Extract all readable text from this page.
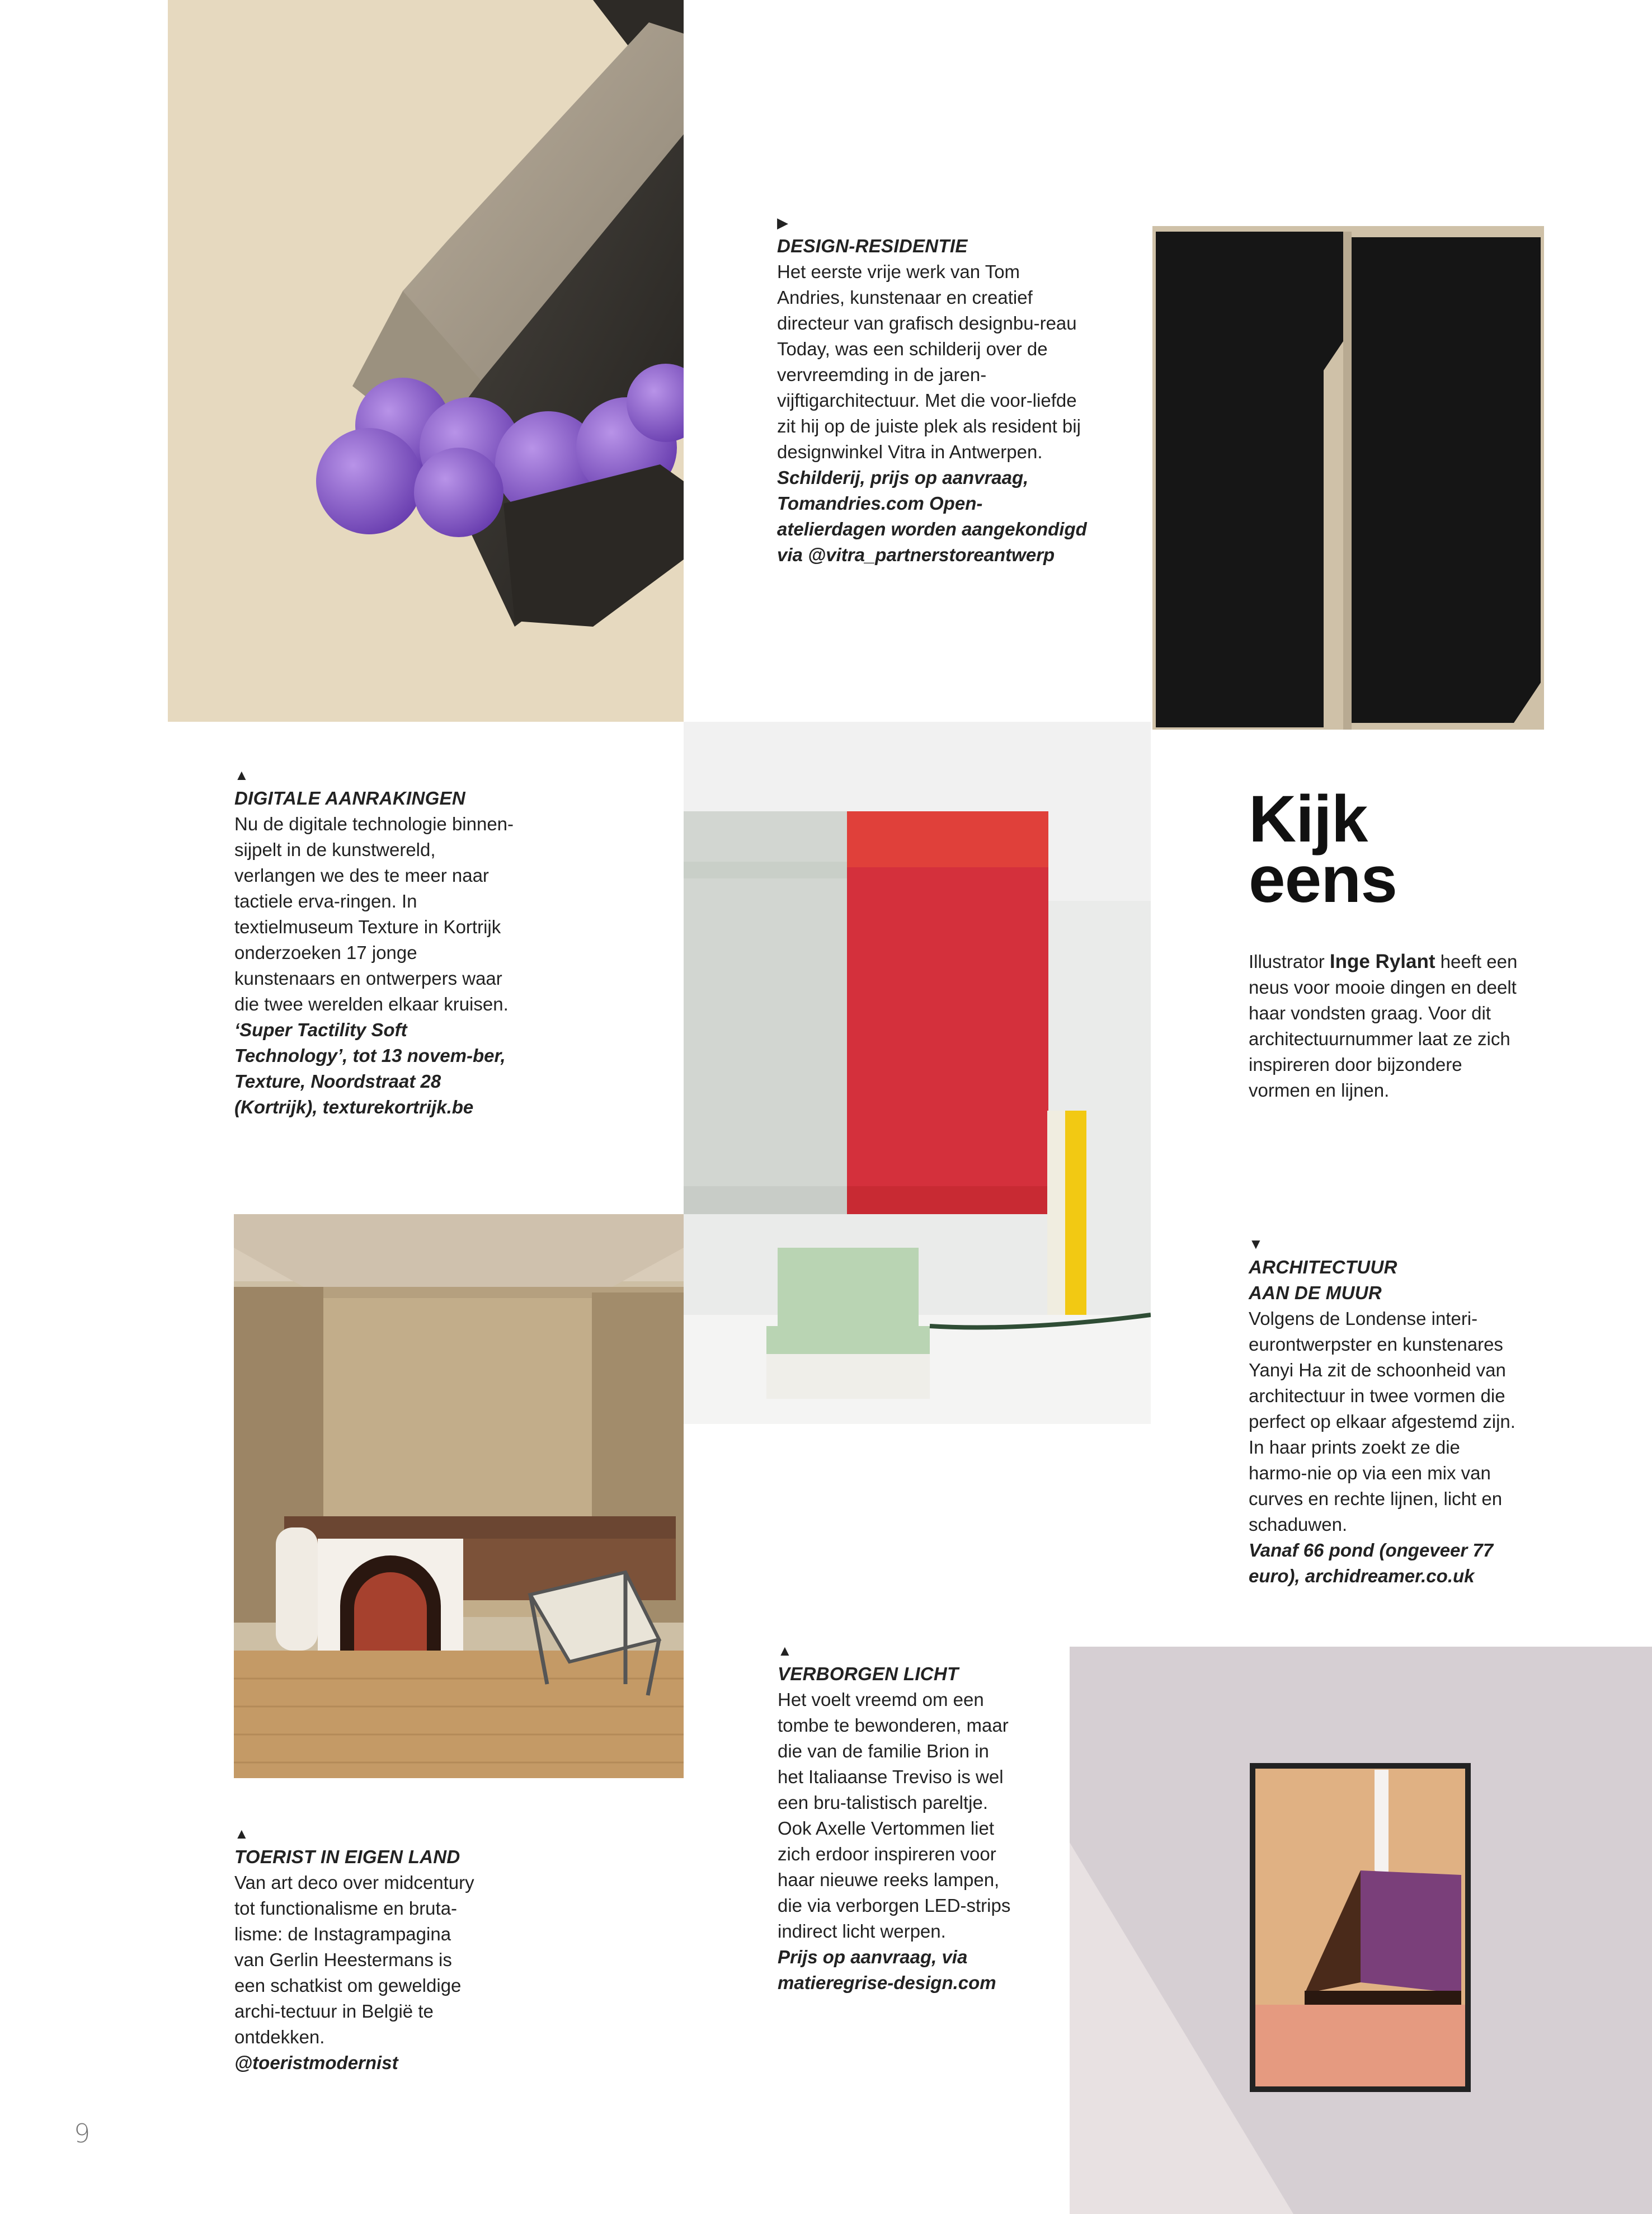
▶
DESIGN-RESIDENTIE
Het eerste vrije werk van Tom Andries, kunstenaar en creatief directeur van grafisch designbu-reau Today, was een schilderij over de vervreemding in de jaren-vijftigarchitectuur. Met die voor-liefde zit hij op de juiste plek als resident bij designwinkel Vitra in Antwerpen.
Schilderij, prijs op aanvraag, Tomandries.com Open-atelierdagen worden aangekondigd via @vitra_partnerstoreantwerp
▲
DIGITALE AANRAKINGEN
Nu de digitale technologie binnen-sijpelt in de kunstwereld, verlangen we des te meer naar tactiele erva-ringen. In textielmuseum Texture in Kortrijk onderzoeken 17 jonge kunstenaars en ontwerpers waar die twee werelden elkaar kruisen.
‘Super Tactility Soft Technology’, tot 13 novem-ber, Texture, Noordstraat 28 (Kortrijk), texturekortrijk.be
Kijk
eens
Illustrator Inge Rylant heeft een neus voor mooie dingen en deelt haar vondsten graag. Voor dit architectuurnummer laat ze zich inspireren door bijzondere vormen en lijnen.
▼
ARCHITECTUUR AAN DE MUUR
Volgens de Londense interi-eurontwerpster en kunstenares Yanyi Ha zit de schoonheid van architectuur in twee vormen die perfect op elkaar afgestemd zijn. In haar prints zoekt ze die harmo-nie op via een mix van curves en rechte lijnen, licht en schaduwen.
Vanaf 66 pond (ongeveer 77 euro), archidreamer.co.uk
▲
VERBORGEN LICHT
Het voelt vreemd om een tombe te bewonderen, maar die van de familie Brion in het Italiaanse Treviso is wel een bru-talistisch pareltje. Ook Axelle Vertommen liet zich erdoor inspireren voor haar nieuwe reeks lampen, die via verborgen LED-strips indirect licht werpen.
Prijs op aanvraag, via matieregrise-design.com
▲
TOERIST IN EIGEN LAND
Van art deco over midcentury tot functionalisme en bruta-lisme: de Instagrampagina van Gerlin Heestermans is een schatkist om geweldige archi-tectuur in België te ontdekken.
@toeristmodernist
9
